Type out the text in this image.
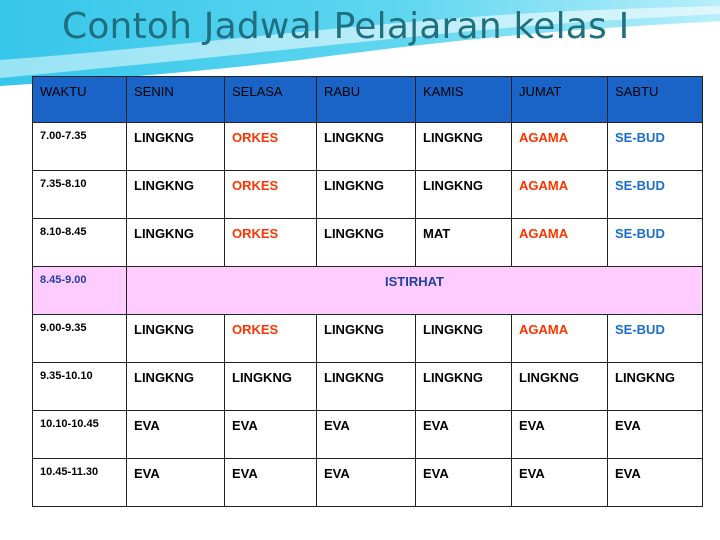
Contoh Jadwal Pelajaran kelas I
WAKTU	SENIN	SELASA	RABU	KAMIS	JUMAT	SABTU
7.00-7.35	LINGKNG	ORKES	LINGKNG	LINGKNG	AGAMA	SE-BUD
7.35-8.10	LINGKNG	ORKES	LINGKNG	LINGKNG	AGAMA	SE-BUD
8.10-8.45	LINGKNG	ORKES	LINGKNG	MAT	AGAMA	SE-BUD
8.45-9.00	ISTIRHAT					
9.00-9.35	LINGKNG	ORKES	LINGKNG	LINGKNG	AGAMA	SE-BUD
9.35-10.10	LINGKNG	LINGKNG	LINGKNG	LINGKNG	LINGKNG	LINGKNG
10.10-10.45	EVA	EVA	EVA	EVA	EVA	EVA
10.45-11.30	EVA	EVA	EVA	EVA	EVA	EVA
